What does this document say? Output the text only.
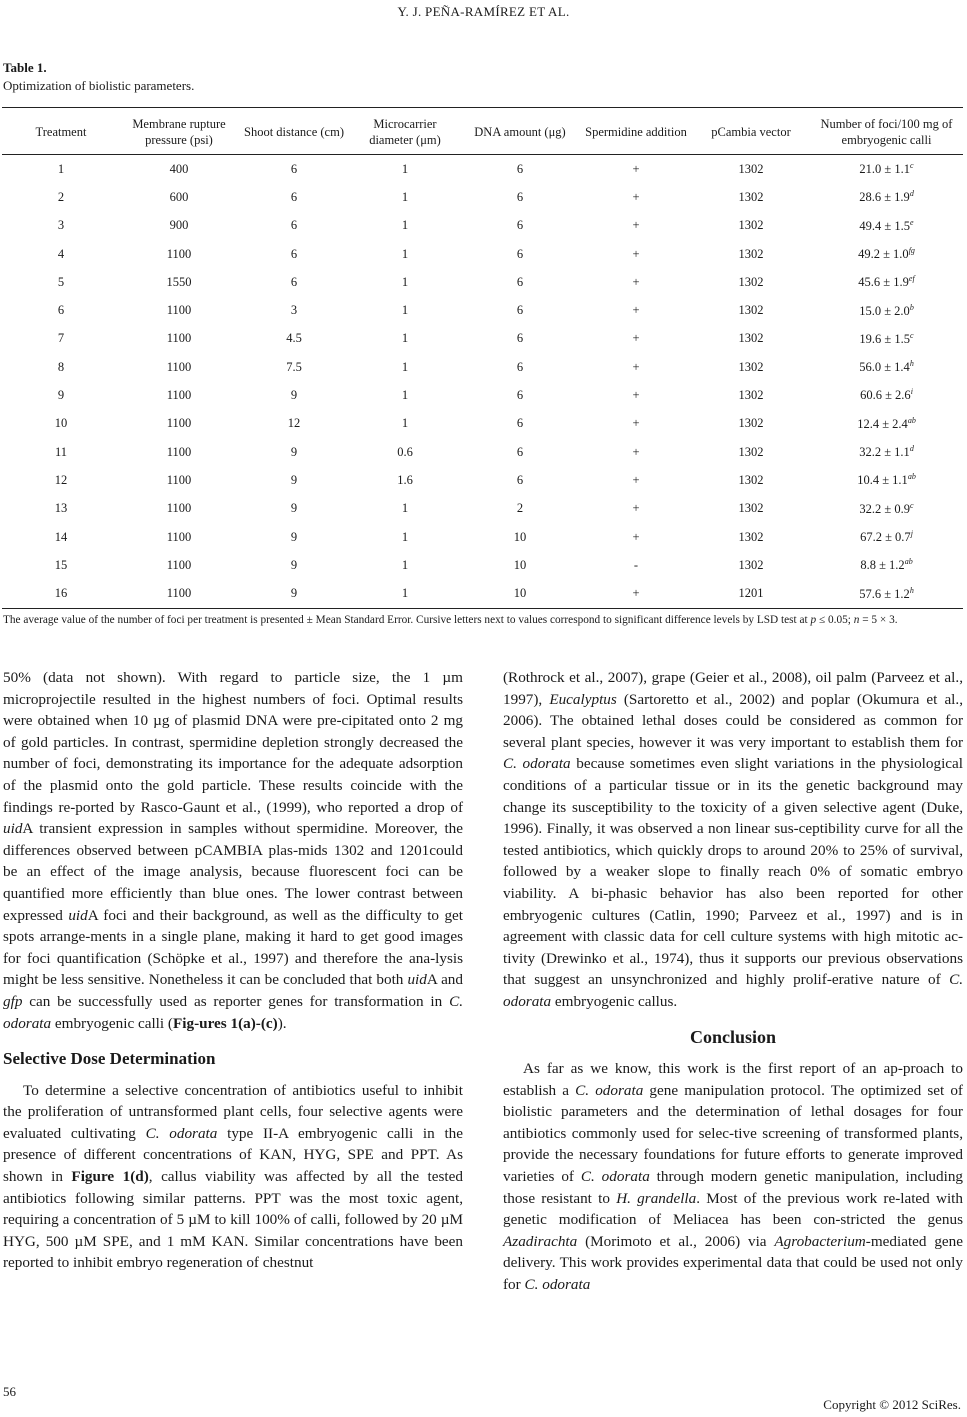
Y. J. PEÑA-RAMÍREZ ET AL.
Table 1.
Optimization of biolistic parameters.
Treatment	Membrane rupture pressure (psi)	Shoot distance (cm)	Microcarrier diameter (μm)	DNA amount (μg)	Spermidine addition	pCambia vector	Number of foci/100 mg of embryogenic calli
1	400	6	1	6	+	1302	21.0 ± 1.1$^c$
2	600	6	1	6	+	1302	28.6 ± 1.9$^d$
3	900	6	1	6	+	1302	49.4 ± 1.5$^e$
4	1100	6	1	6	+	1302	49.2 ± 1.0$^{fg}$
5	1550	6	1	6	+	1302	45.6 ± 1.9$^{ef}$
6	1100	3	1	6	+	1302	15.0 ± 2.0$^b$
7	1100	4.5	1	6	+	1302	19.6 ± 1.5$^c$
8	1100	7.5	1	6	+	1302	56.0 ± 1.4$^h$
9	1100	9	1	6	+	1302	$60.6 \pm 2.6^i$
10	1100	12	1	6	+	1302	12.4 ± 2.4$^{ab}$
11	1100	9	0.6	6	+	1302	32.2 ± 1.1$^d$
12	1100	9	1.6	6	+	1302	10.4 ± 1.1$^{ab}$
13	1100	9	1	2	+	1302	32.2 ± 0.9$^c$
14	1100	9	1	10	+	1302	$67.2 \pm 0.7^j$
15	1100	9	1	10	-	1302	8.8 ± 1.2$^{ab}$
16	1100	9	1	10	+	1201	57.6 ± 1.2$^h$
The average value of the number of foci per treatment is presented ± Mean Standard Error. Cursive letters next to values correspond to significant difference levels by LSD test at p ≤ 0.05; n = 5 × 3.

50% (data not shown). With regard to particle size, the 1 µm microprojectile resulted in the highest numbers of foci. Optimal results were obtained when 10 µg of plasmid DNA were pre-cipitated onto 2 mg of gold particles. In contrast, spermidine depletion strongly decreased the number of foci, demonstrating its importance for the adequate adsorption of the plasmid onto the gold particle. These results coincide with the findings re-ported by Rasco-Gaunt et al., (1999), who reported a drop of uidA transient expression in samples without spermidine. Moreover, the differences observed between pCAMBIA plas-mids 1302 and 1201could be an effect of the image analysis, because fluorescent foci can be quantified more efficiently than blue ones. The lower contrast between expressed uidA foci and their background, as well as the difficulty to get spots arrange-ments in a single plane, making it hard to get good images for foci quantification (Schöpke et al., 1997) and therefore the ana-lysis might be less sensitive. Nonetheless it can be concluded that both uidA and gfp can be successfully used as reporter genes for transformation in C. odorata embryogenic calli (Fig-ures 1(a)-(c)).

Selective Dose Determination

To determine a selective concentration of antibiotics useful to inhibit the proliferation of untransformed plant cells, four selective agents were evaluated cultivating C. odorata type II-A embryogenic calli in the presence of different concentrations of KAN, HYG, SPE and PPT. As shown in Figure 1(d), callus viability was affected by all the tested antibiotics following similar patterns. PPT was the most toxic agent, requiring a concentration of 5 µM to kill 100% of calli, followed by 20 µM HYG, 500 µM SPE, and 1 mM KAN. Similar concentrations have been reported to inhibit embryo regeneration of chestnut

(Rothrock et al., 2007), grape (Geier et al., 2008), oil palm (Parveez et al., 1997), Eucalyptus (Sartoretto et al., 2002) and poplar (Okumura et al., 2006). The obtained lethal doses could be considered as common for several plant species, however it was very important to establish them for C. odorata because sometimes even slight variations in the physiological conditions of a particular tissue or in its the genetic background may change its susceptibility to the toxicity of a given selective agent (Duke, 1996). Finally, it was observed a non linear sus-ceptibility curve for all the tested antibiotics, which quickly drops to around 20% to 25% of survival, followed by a weaker slope to finally reach 0% of somatic embryo viability. A bi-phasic behavior has also been reported for other embryogenic cultures (Catlin, 1990; Parveez et al., 1997) and is in agreement with classic data for cell culture systems with high mitotic ac-tivity (Drewinko et al., 1974), thus it supports our previous observations that suggest an unsynchronized and highly prolif-erative nature of C. odorata embryogenic callus.

Conclusion

As far as we know, this work is the first report of an ap-proach to establish a C. odorata gene manipulation protocol. The optimized set of biolistic parameters and the determination of lethal dosages for four antibiotics commonly used for selec-tive screening of transformed plants, provide the necessary foundations for future efforts to generate improved varieties of C. odorata through modern genetic manipulation, including those resistant to H. grandella. Most of the previous work re-lated with genetic modification of Meliacea has been con-stricted the genus Azadirachta (Morimoto et al., 2006) via Agrobacterium-mediated gene delivery. This work provides experimental data that could be used not only for C. odorata

56
Copyright © 2012 SciRes.
